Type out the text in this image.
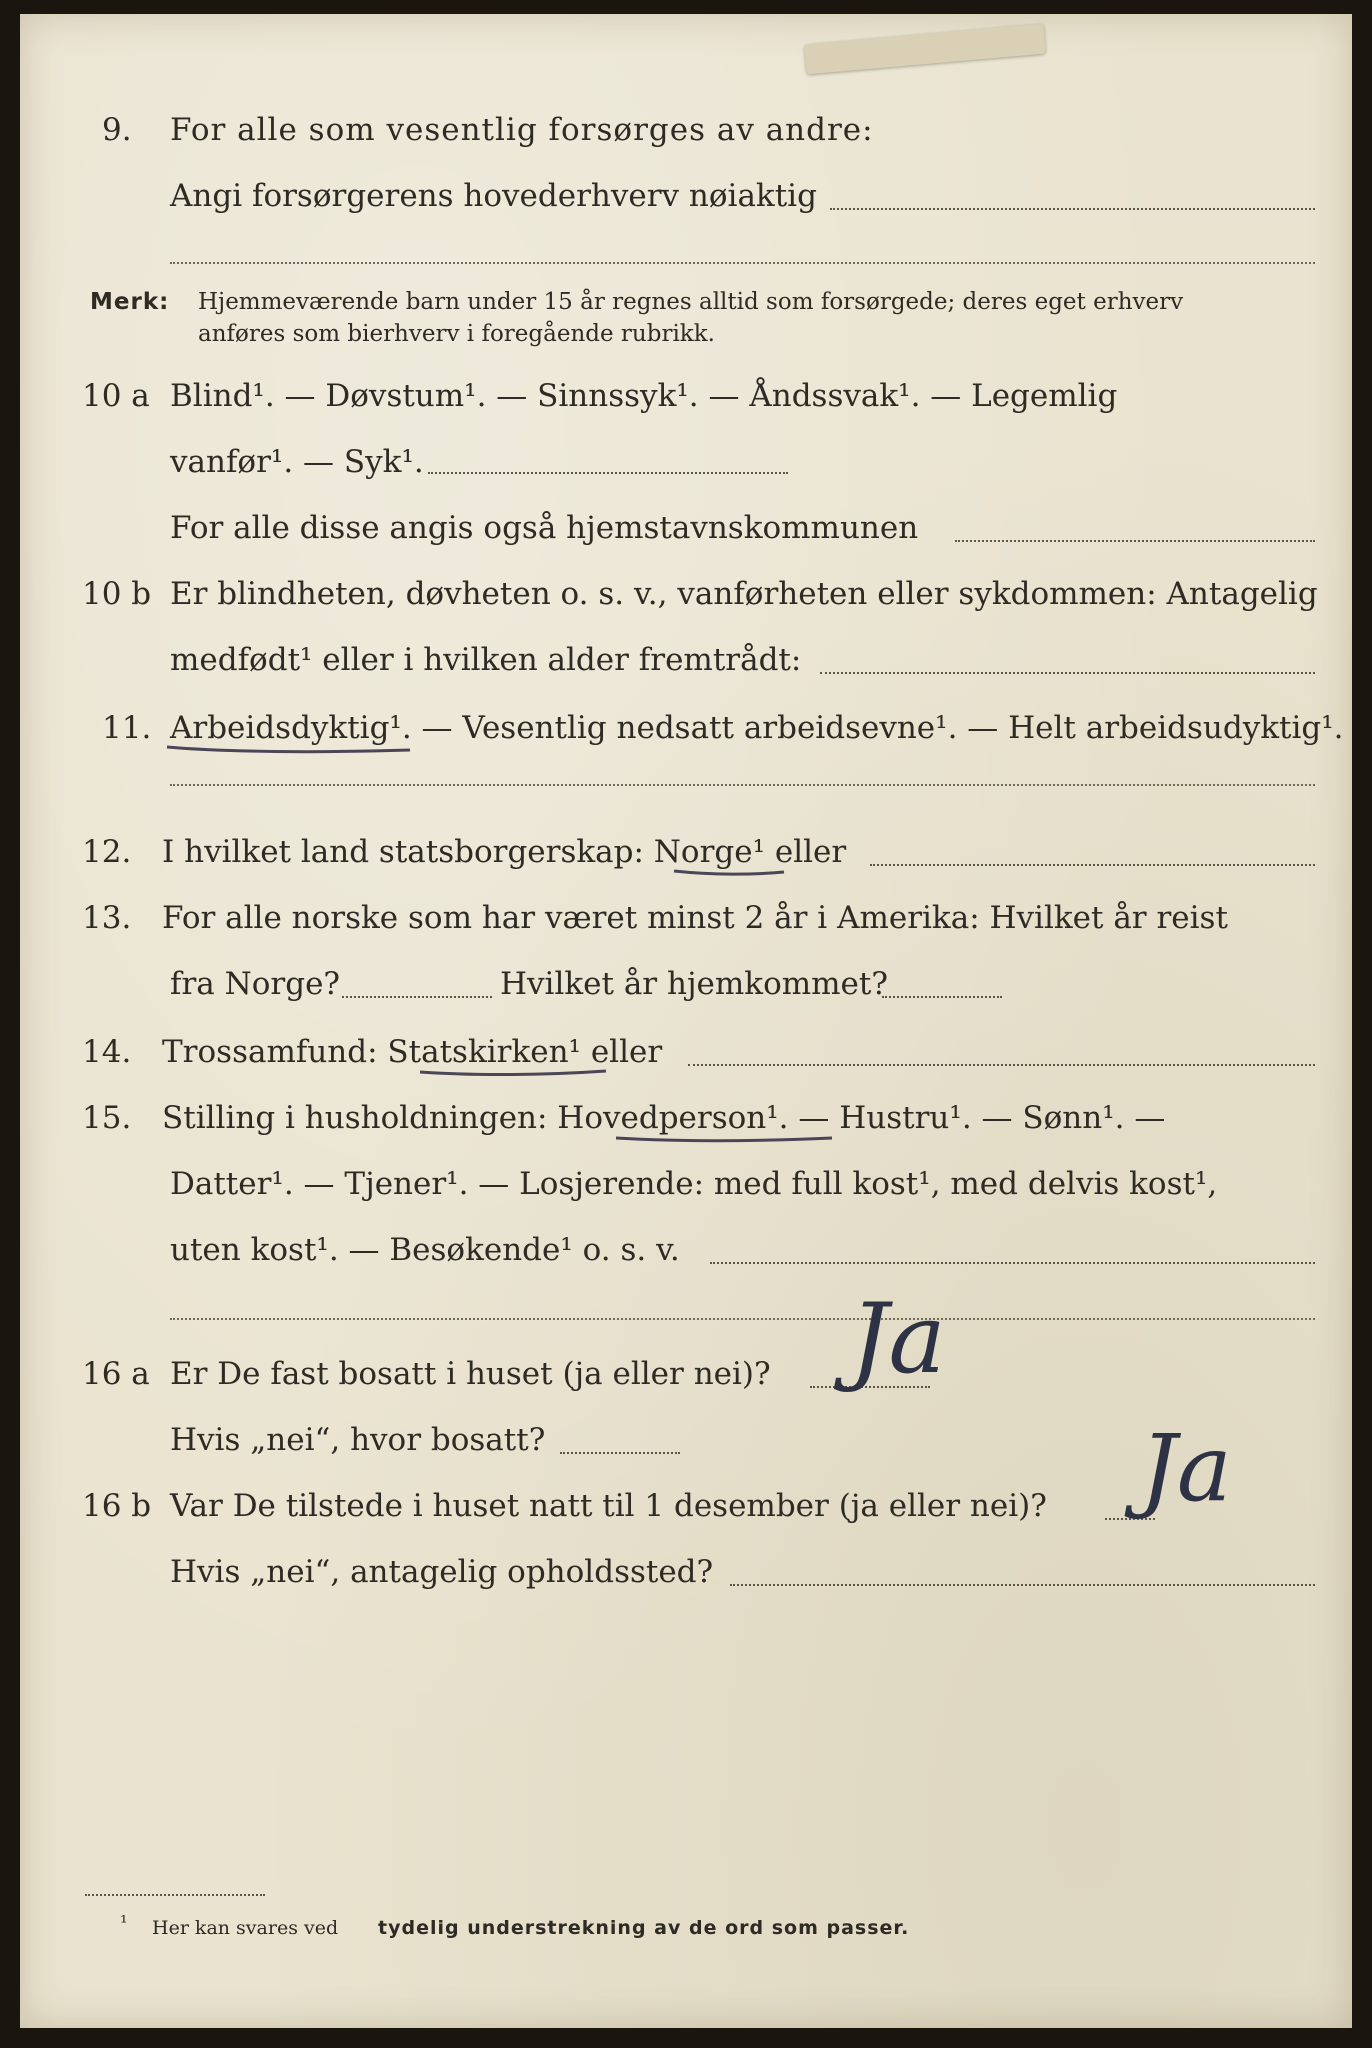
9. For alle som vesentlig forsørges av andre:
Angi forsørgerens hovederhverv nøiaktig
Merk: Hjemmeværende barn under 15 år regnes alltid som forsørgede; deres eget erhverv
anføres som bierhverv i foregående rubrikk.
10 a Blind¹. — Døvstum¹. — Sinnssyk¹. — Åndssvak¹. — Legemlig
vanfør¹. — Syk¹.
For alle disse angis også hjemstavnskommunen
10 b Er blindheten, døvheten o. s. v., vanførheten eller sykdommen: Antagelig
medfødt¹ eller i hvilken alder fremtrådt:
11. Arbeidsdyktig¹. — Vesentlig nedsatt arbeidsevne¹. — Helt arbeidsudyktig¹.
12. I hvilket land statsborgerskap: Norge¹ eller
13. For alle norske som har været minst 2 år i Amerika: Hvilket år reist
fra Norge?	Hvilket år hjemkommet?
14. Trossamfund: Statskirken¹ eller
15. Stilling i husholdningen: Hovedperson¹. — Hustru¹. — Sønn¹. —
Datter¹. — Tjener¹. — Losjerende: med full kost¹, med delvis kost¹,
uten kost¹. — Besøkende¹ o. s. v.
16 a Er De fast bosatt i huset (ja eller nei)? Ja
Hvis „nei“, hvor bosatt?
16 b Var De tilstede i huset natt til 1 desember (ja eller nei)? Ja
Hvis „nei“, antagelig opholdssted?
¹ Her kan svares ved tydelig understrekning av de ord som passer.
